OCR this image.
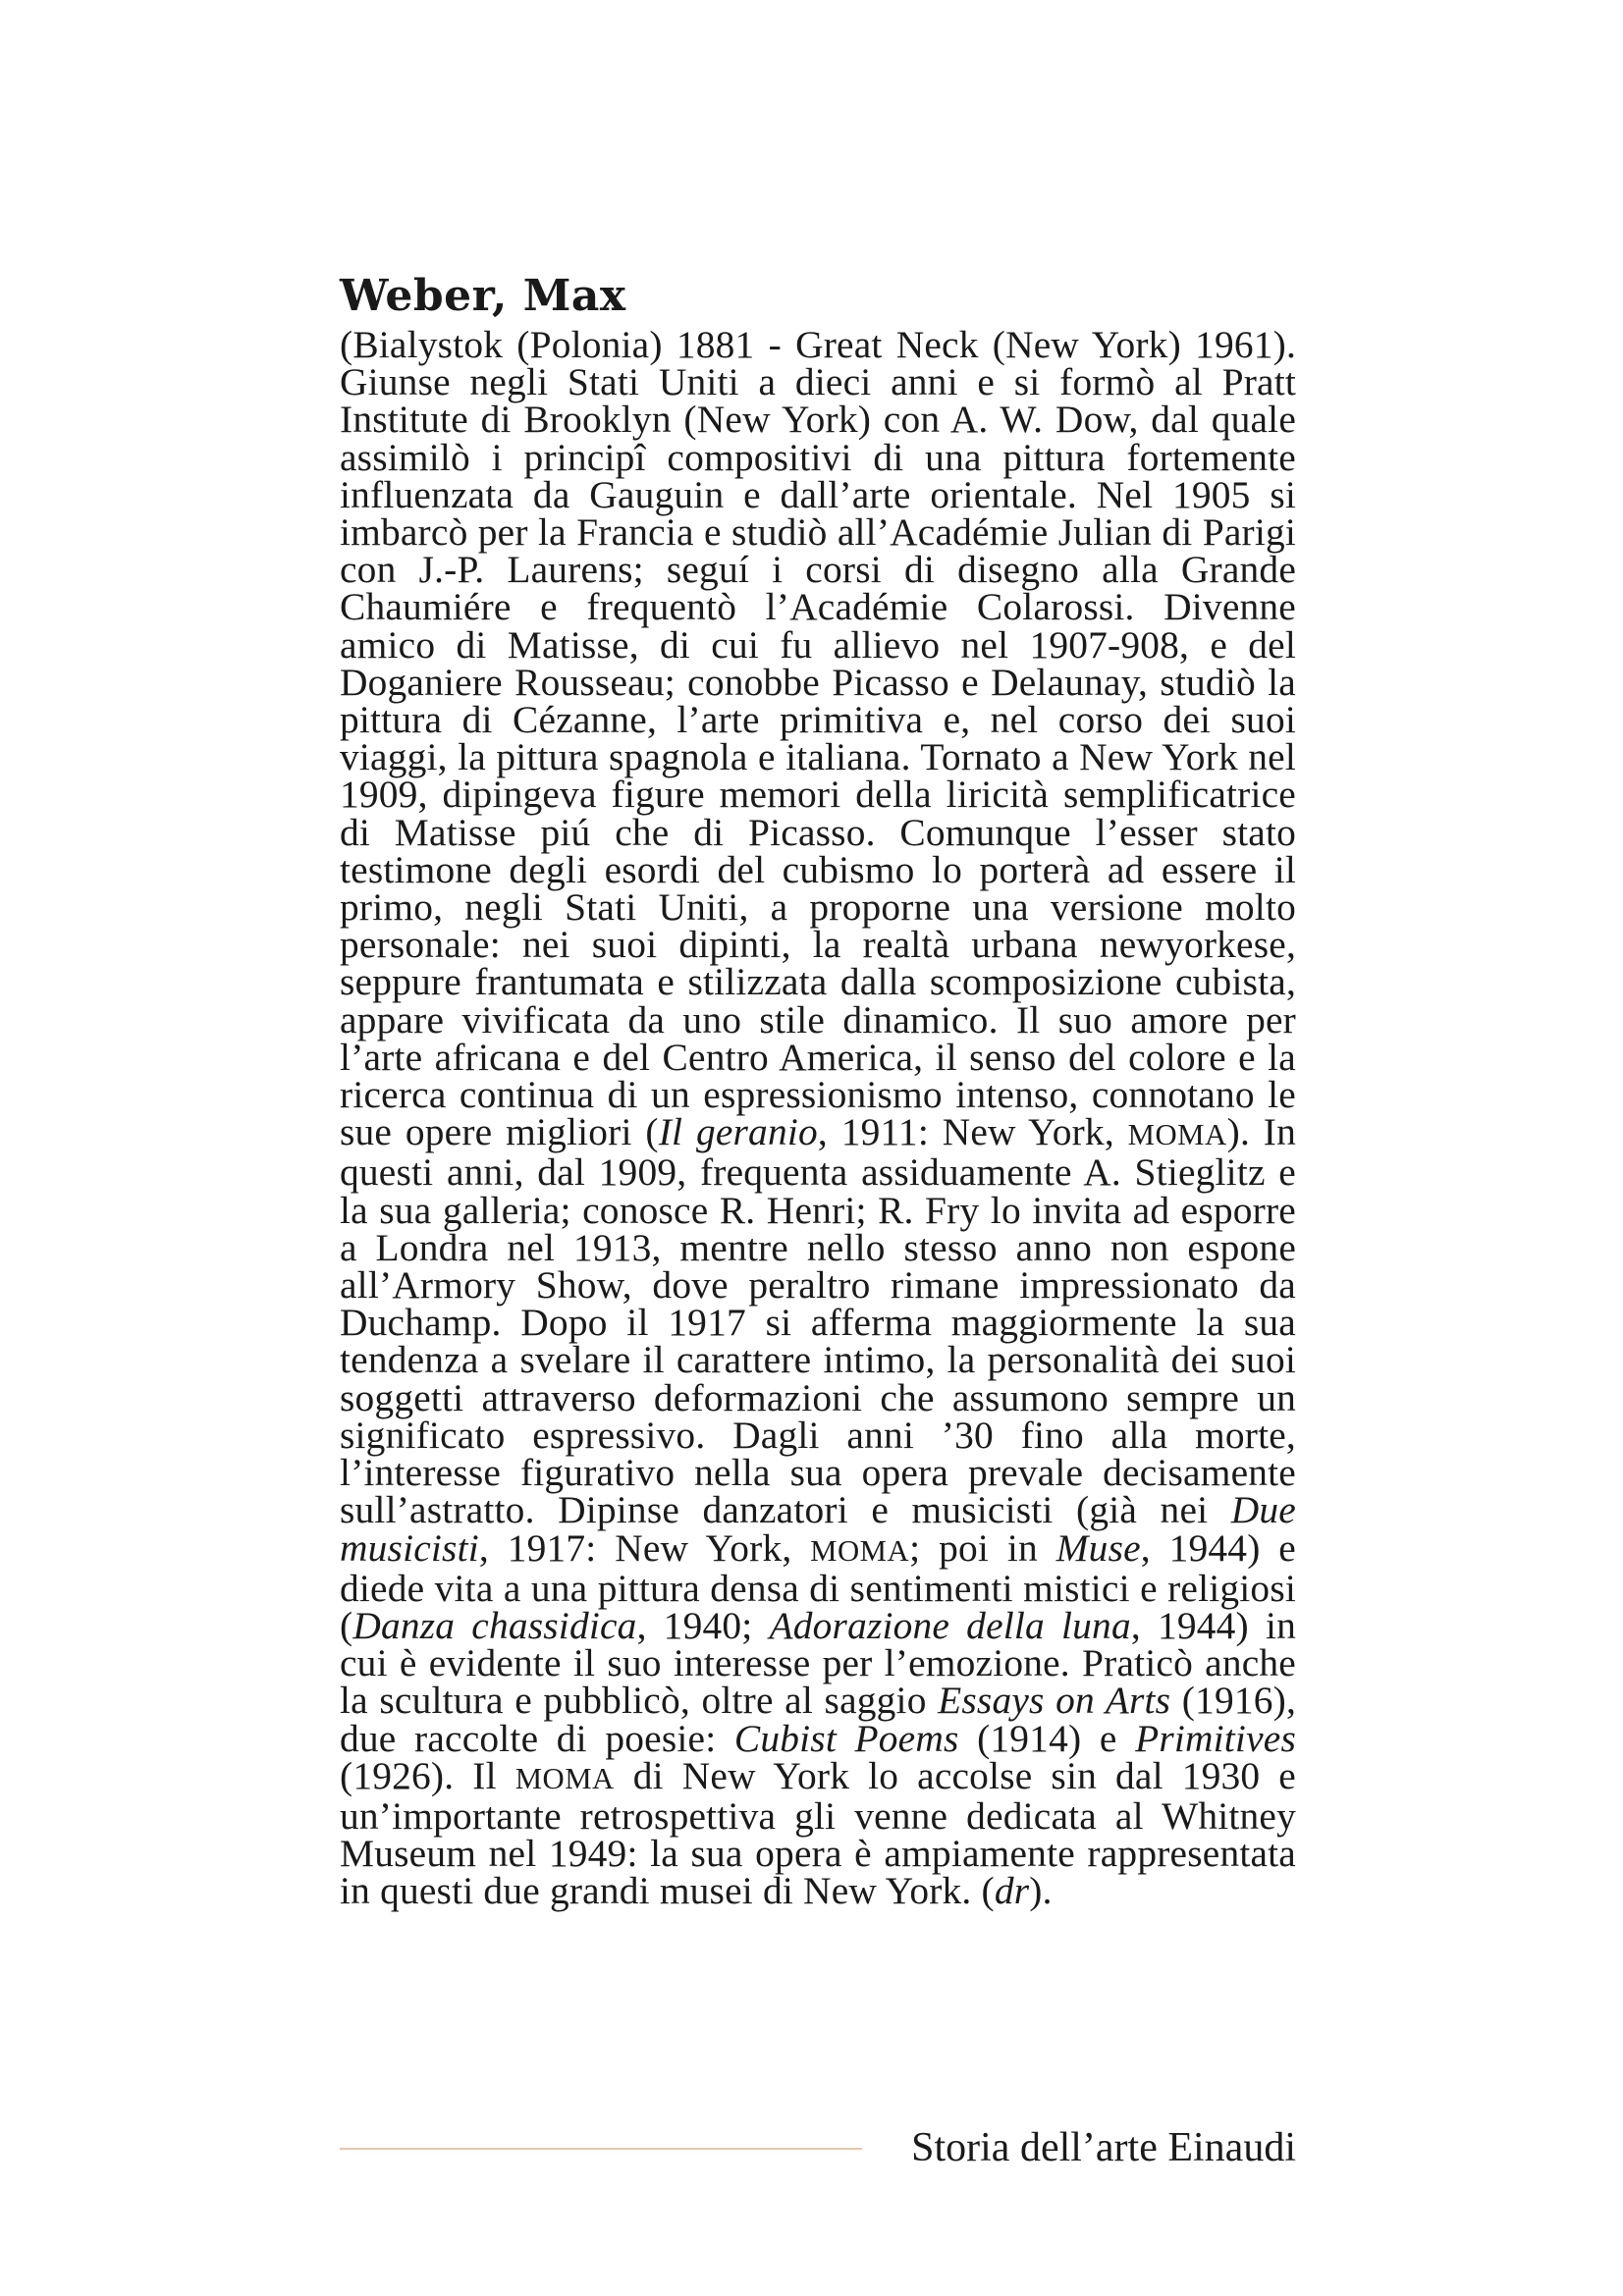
Weber, Max

(Bialystok (Polonia) 1881 - Great Neck (New York) 1961). Giunse negli Stati Uniti a dieci anni e si formò al Pratt Institute di Brooklyn (New York) con A. W. Dow, dal quale assimilò i principî compositivi di una pittura fortemente influenzata da Gauguin e dall’arte orientale. Nel 1905 si imbarcò per la Francia e studiò all’Académie Julian di Parigi con J.-P. Laurens; seguí i corsi di disegno alla Grande Chaumiére e frequentò l’Académie Colarossi. Divenne amico di Matisse, di cui fu allievo nel 1907-908, e del Doganiere Rousseau; conobbe Picasso e Delaunay, studiò la pittura di Cézanne, l’arte primitiva e, nel corso dei suoi viaggi, la pittura spagnola e italiana. Tornato a New York nel 1909, dipingeva figure memori della liricità semplificatrice di Matisse piú che di Picasso. Comunque l’esser stato testimone degli esordi del cubismo lo porterà ad essere il primo, negli Stati Uniti, a proporne una versione molto personale: nei suoi dipinti, la realtà urbana newyorkese, seppure frantumata e stilizzata dalla scomposizione cubista, appare vivificata da uno stile dinamico. Il suo amore per l’arte africana e del Centro America, il senso del colore e la ricerca continua di un espressionismo intenso, connotano le sue opere migliori (Il geranio, 1911: New York, MOMA). In questi anni, dal 1909, frequenta assiduamente A. Stieglitz e la sua galleria; conosce R. Henri; R. Fry lo invita ad esporre a Londra nel 1913, mentre nello stesso anno non espone all’Armory Show, dove peraltro rimane impressionato da Duchamp. Dopo il 1917 si afferma maggiormente la sua tendenza a svelare il carattere intimo, la personalità dei suoi soggetti attraverso deformazioni che assumono sempre un significato espressivo. Dagli anni ’30 fino alla morte, l’interesse figurativo nella sua opera prevale decisamente sull’astratto. Dipinse danzatori e musicisti (già nei Due musicisti, 1917: New York, MOMA; poi in Muse, 1944) e diede vita a una pittura densa di sentimenti mistici e religiosi (Danza chassidica, 1940; Adorazione della luna, 1944) in cui è evidente il suo interesse per l’emozione. Praticò anche la scultura e pubblicò, oltre al saggio Essays on Arts (1916), due raccolte di poesie: Cubist Poems (1914) e Primitives (1926). Il MOMA di New York lo accolse sin dal 1930 e un’importante retrospettiva gli venne dedicata al Whitney Museum nel 1949: la sua opera è ampiamente rappresentata in questi due grandi musei di New York. (dr).

Storia dell’arte Einaudi
